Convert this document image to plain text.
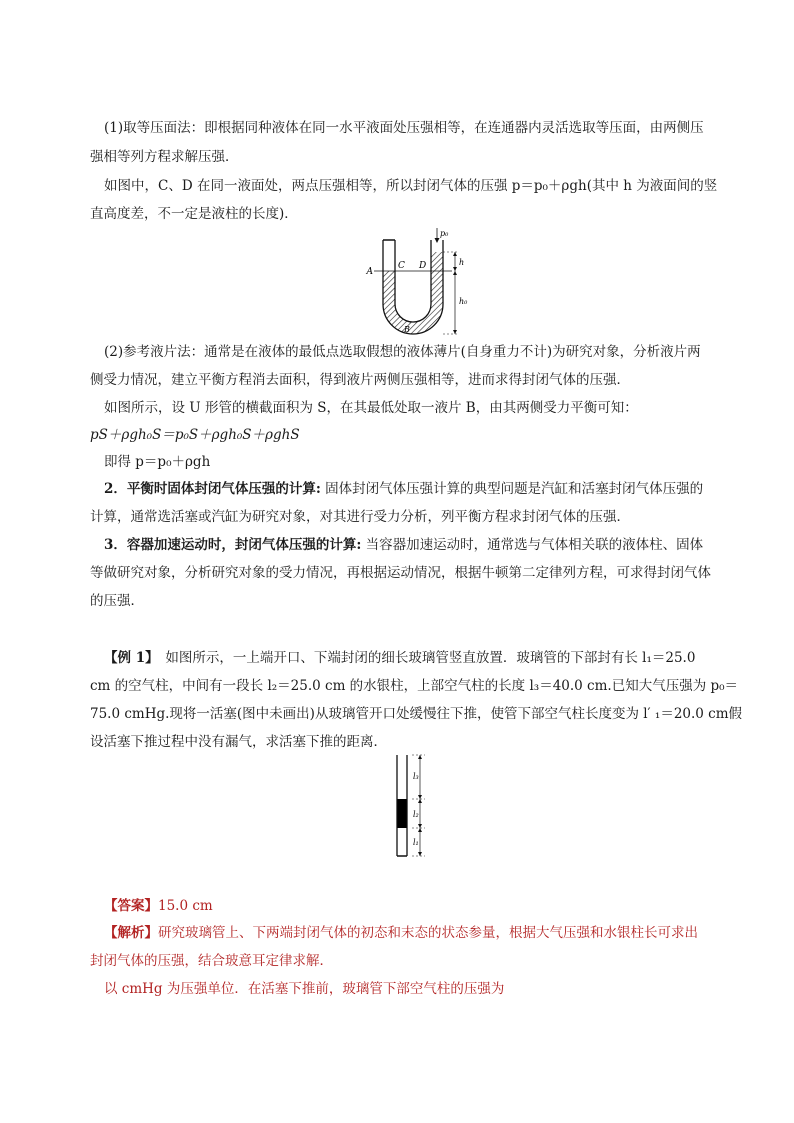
(1)取等压面法：即根据同种液体在同一水平液面处压强相等，在连通器内灵活选取等压面，由两侧压
强相等列方程求解压强．
如图中，C、D 在同一液面处，两点压强相等，所以封闭气体的压强 p＝p₀＋ρgh(其中 h 为液面间的竖
直高度差，不一定是液柱的长度)．
A
C D
B
p₀
h
h₀
(2)参考液片法：通常是在液体的最低点选取假想的液体薄片(自身重力不计)为研究对象，分析液片两
侧受力情况，建立平衡方程消去面积，得到液片两侧压强相等，进而求得封闭气体的压强．
如图所示，设 U 形管的横截面积为 S，在其最低处取一液片 B，由其两侧受力平衡可知：
pS＋ρgh₀S＝p₀S＋ρgh₀S＋ρghS
即得 p＝p₀＋ρgh
2．平衡时固体封闭气体压强的计算: 固体封闭气体压强计算的典型问题是汽缸和活塞封闭气体压强的
计算，通常选活塞或汽缸为研究对象，对其进行受力分析，列平衡方程求封闭气体的压强．
3．容器加速运动时，封闭气体压强的计算: 当容器加速运动时，通常选与气体相关联的液体柱、固体
等做研究对象，分析研究对象的受力情况，再根据运动情况，根据牛顿第二定律列方程，可求得封闭气体
的压强．
【例 1】　如图所示，一上端开口、下端封闭的细长玻璃管竖直放置．玻璃管的下部封有长 l₁＝25.0
cm 的空气柱，中间有一段长 l₂＝25.0 cm 的水银柱，上部空气柱的长度 l₃＝40.0 cm.已知大气压强为 p₀＝
75.0 cmHg.现将一活塞(图中未画出)从玻璃管开口处缓慢往下推，使管下部空气柱长度变为 l′ ₁＝20.0 cm假
设活塞下推过程中没有漏气，求活塞下推的距离．
l₃
l₂
l₁
【答案】15.0 cm
【解析】研究玻璃管上、下两端封闭气体的初态和末态的状态参量，根据大气压强和水银柱长可求出
封闭气体的压强，结合玻意耳定律求解．
以 cmHg 为压强单位．在活塞下推前，玻璃管下部空气柱的压强为
